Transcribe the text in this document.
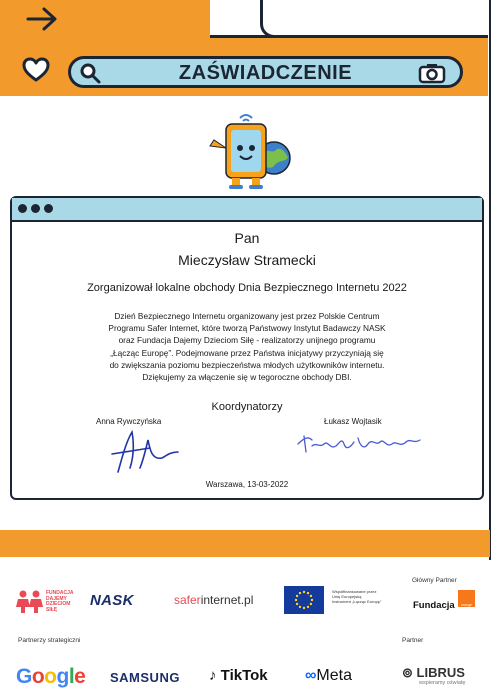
ZAŚWIADCZENIE
Pan
Mieczysław Stramecki
Zorganizował lokalne obchody Dnia Bezpiecznego Internetu 2022
Dzień Bezpiecznego Internetu organizowany jest przez Polskie Centrum
Programu Safer Internet, które tworzą Państwowy Instytut Badawczy NASK
oraz Fundacja Dajemy Dzieciom Siłę - realizatorzy unijnego programu
„Łącząc Europę”. Podejmowane przez Państwa inicjatywy przyczyniają się
do zwiększania poziomu bezpieczeństwa młodych użytkowników internetu.
Dziękujemy za włączenie się w tegoroczne obchody DBI.
Koordynatorzy
Anna Rywczyńska	Łukasz Wojtasik
Warszawa, 13-03-2022
Główny Partner
FUNDACJA
DAJEMY
DZIECIOM
SIŁĘ
NASK	saferinternet.pl
Współfinansowane przez
Unię Europejską
Instrument „Łącząc Europę”	Fundacja	orange
Partnerzy strategiczni	Partner
Google SAMSUNG ♪ TikTok ∞Meta	⊚ LIBRUS
wspieramy oświatę
